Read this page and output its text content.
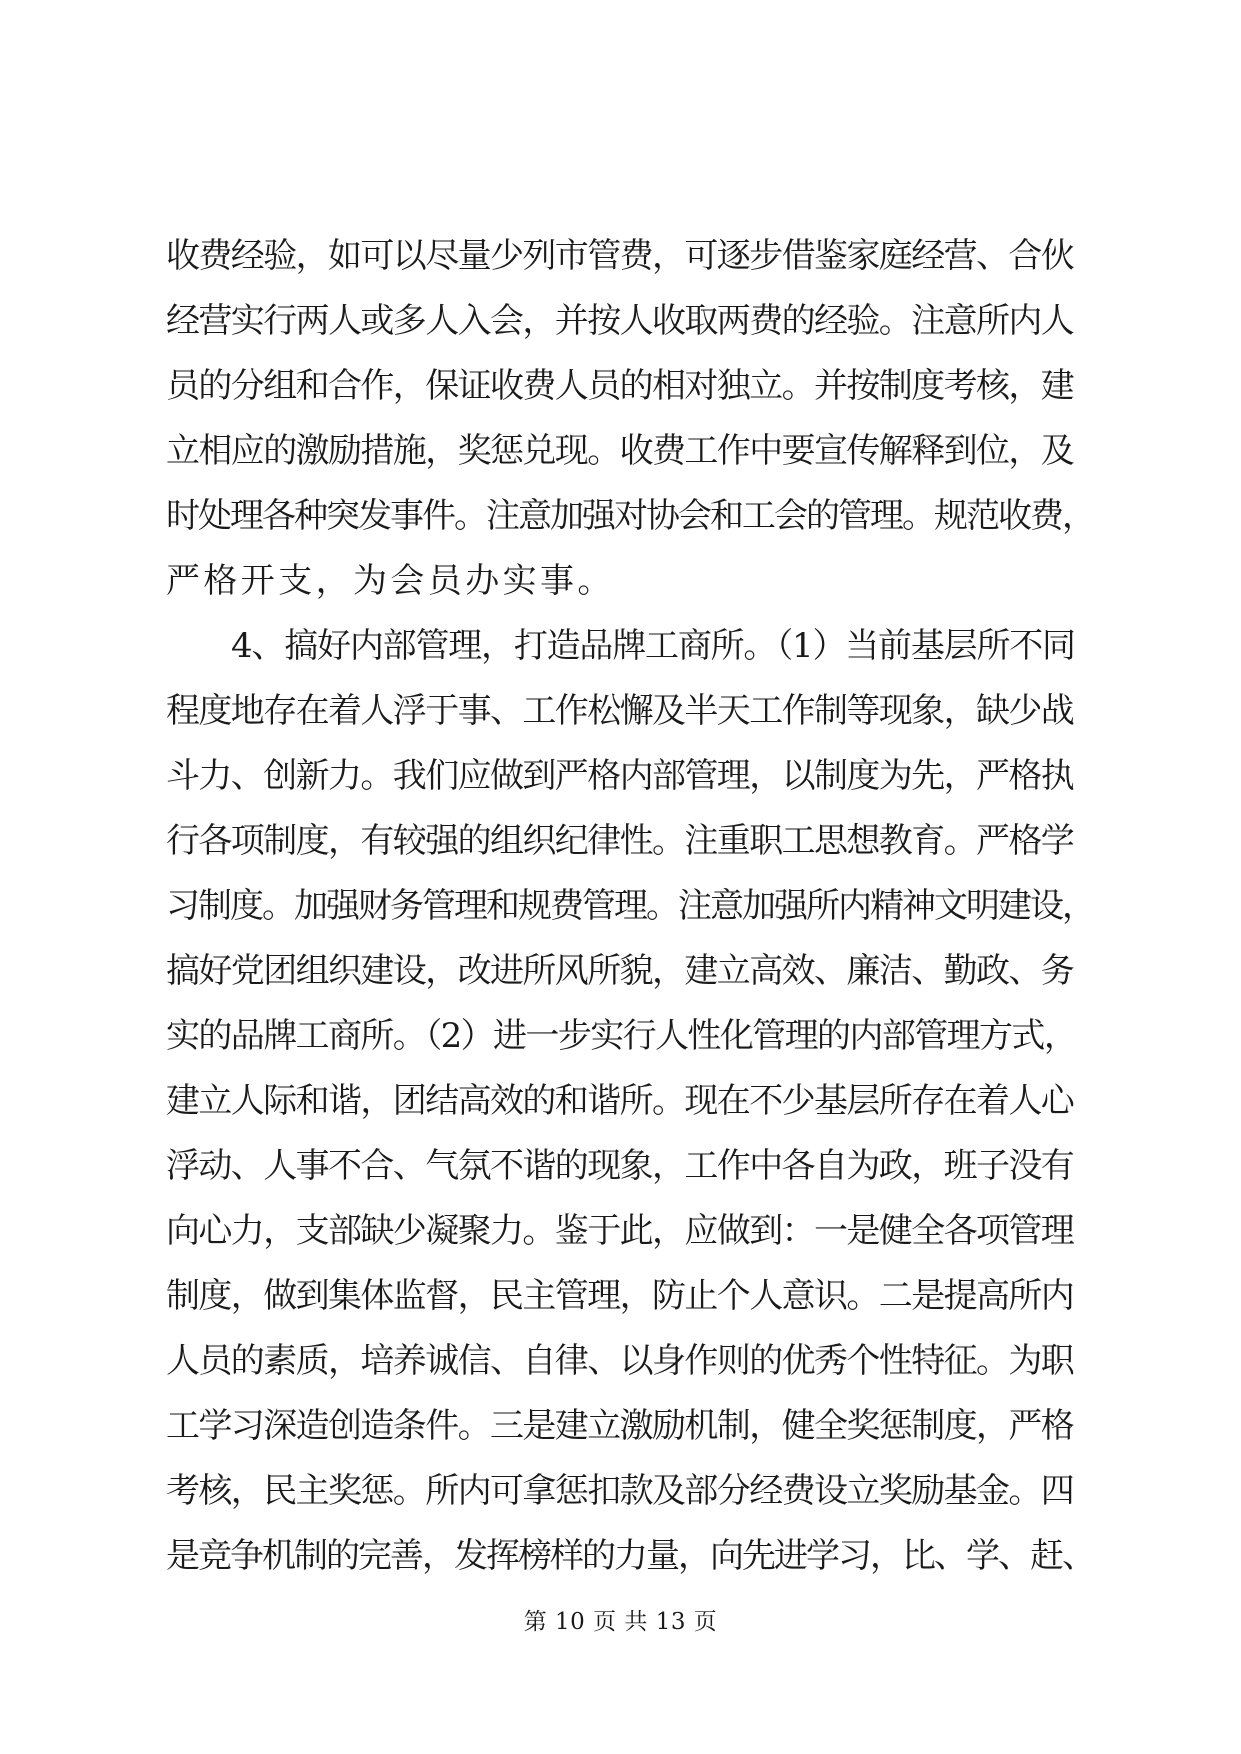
收费经验，如可以尽量少列市管费，可逐步借鉴家庭经营、合伙
经营实行两人或多人入会，并按人收取两费的经验。注意所内人
员的分组和合作，保证收费人员的相对独立。并按制度考核，建
立相应的激励措施，奖惩兑现。收费工作中要宣传解释到位，及
时处理各种突发事件。注意加强对协会和工会的管理。规范收费，
严格开支，为会员办实事。
4、搞好内部管理，打造品牌工商所。（1）当前基层所不同
程度地存在着人浮于事、工作松懈及半天工作制等现象，缺少战
斗力、创新力。我们应做到严格内部管理，以制度为先，严格执
行各项制度，有较强的组织纪律性。注重职工思想教育。严格学
习制度。加强财务管理和规费管理。注意加强所内精神文明建设，
搞好党团组织建设，改进所风所貌，建立高效、廉洁、勤政、务
实的品牌工商所。（2）进一步实行人性化管理的内部管理方式，
建立人际和谐，团结高效的和谐所。现在不少基层所存在着人心
浮动、人事不合、气氛不谐的现象，工作中各自为政，班子没有
向心力，支部缺少凝聚力。鉴于此，应做到：一是健全各项管理
制度，做到集体监督，民主管理，防止个人意识。二是提高所内
人员的素质，培养诚信、自律、以身作则的优秀个性特征。为职
工学习深造创造条件。三是建立激励机制，健全奖惩制度，严格
考核，民主奖惩。所内可拿惩扣款及部分经费设立奖励基金。四
是竞争机制的完善，发挥榜样的力量，向先进学习，比、学、赶、
第 10 页 共 13 页
